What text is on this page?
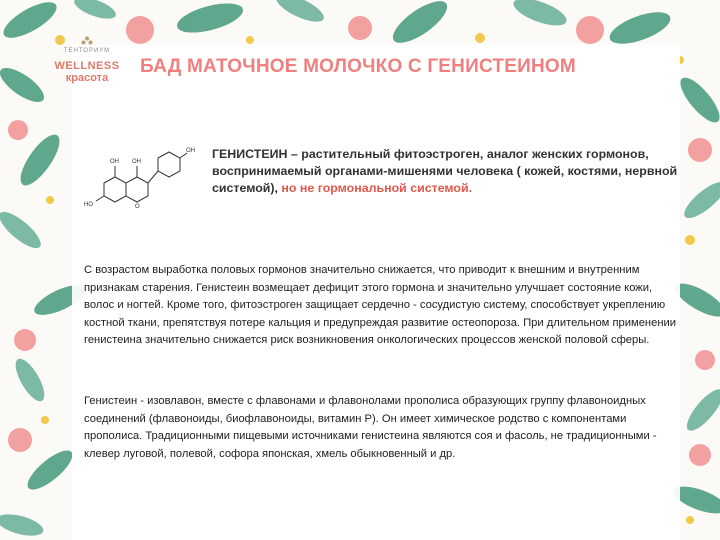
ТЕНТОРИУМ
WELLNESS
красота
БАД МАТОЧНОЕ МОЛОЧКО С ГЕНИСТЕИНОМ
OH OH
OH
HO	O
ГЕНИСТЕИН – растительный фитоэстроген, аналог женских гормонов, воспринимаемый органами-мишенями человека ( кожей, костями, нервной системой), но не гормональной системой.
С возрастом выработка половых гормонов значительно снижается, что приводит к внешним и внутренним признакам старения. Генистеин возмещает дефицит этого гормона и значительно улучшает состояние кожи, волос и ногтей. Кроме того, фитоэстроген защищает сердечно - сосудистую систему, способствует укреплению костной ткани, препятствуя потере кальция и предупреждая развитие остеопороза. При длительном применении генистеина значительно снижается риск возникновения онкологических процессов женской половой сферы.
Генистеин - изовлавон, вместе с флавонами и флавонолами прополиса образующих группу флавоноидных соединений (флавоноиды, биофлавоноиды, витамин Р). Он имеет химическое родство с компонентами прополиса. Традиционными пищевыми источниками генистеина являются соя и фасоль, не традиционными - клевер луговой, полевой, софора японская, хмель обыкновенный и др.
